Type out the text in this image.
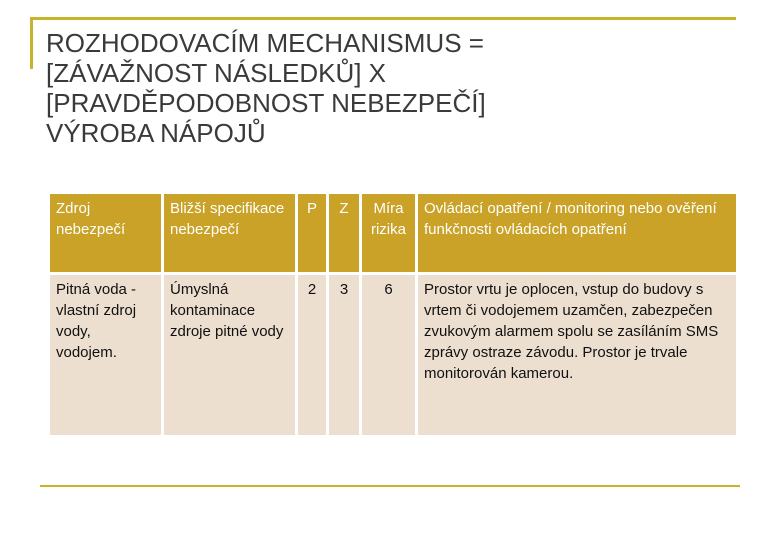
ROZHODOVACÍM MECHANISMUS =
[ZÁVAŽNOST NÁSLEDKŮ] X
[PRAVDĚPODOBNOST NEBEZPEČÍ]
VÝROBA NÁPOJŮ
Zdroj nebezpečí	Bližší specifikace nebezpečí	P	Z	Míra rizika	Ovládací opatření / monitoring nebo ověření funkčnosti ovládacích opatření
Pitná voda - vlastní zdroj vody, vodojem.	Úmyslná kontaminace zdroje pitné vody	2	3	6	Prostor vrtu je oplocen, vstup do budovy s vrtem či vodojemem uzamčen, zabezpečen zvukovým alarmem spolu se zasíláním SMS zprávy ostraze závodu. Prostor je trvale monitorován kamerou.
